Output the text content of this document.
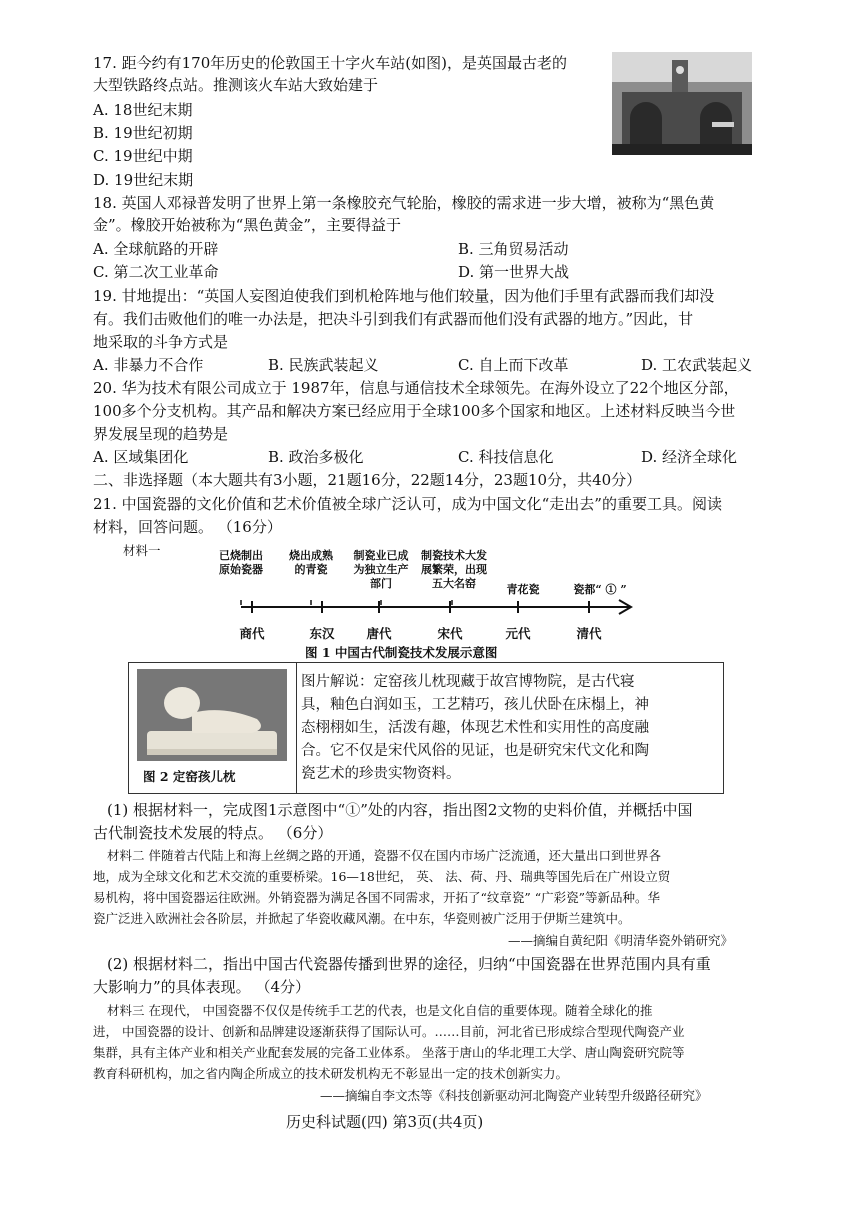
17. 距今约有170年历史的伦敦国王十字火车站(如图)，是英国最古老的
大型铁路终点站。推测该火车站大致始建于
A. 18世纪末期
B. 19世纪初期
C. 19世纪中期
D. 19世纪末期
18. 英国人邓禄普发明了世界上第一条橡胶充气轮胎，橡胶的需求进一步大增，被称为“黑色黄
金”。橡胶开始被称为“黑色黄金”，主要得益于
A. 全球航路的开辟	B. 三角贸易活动
C. 第二次工业革命	D. 第一世界大战
19. 甘地提出：“英国人妄图迫使我们到机枪阵地与他们较量，因为他们手里有武器而我们却没
有。我们击败他们的唯一办法是，把决斗引到我们有武器而他们没有武器的地方。”因此，甘
地采取的斗争方式是
A. 非暴力不合作	B. 民族武装起义	C. 自上而下改革	D. 工农武装起义
20. 华为技术有限公司成立于 1987年，信息与通信技术全球领先。在海外设立了22个地区分部，
100多个分支机构。其产品和解决方案已经应用于全球100多个国家和地区。上述材料反映当今世
界发展呈现的趋势是
A. 区域集团化	B. 政治多极化	C. 科技信息化	D. 经济全球化
二、非选择题（本大题共有3小题，21题16分，22题14分，23题10分，共40分）
21. 中国瓷器的文化价值和艺术价值被全球广泛认可，成为中国文化“走出去”的重要工具。阅读
材料，回答问题。 （16分）
材料一	已烧制出原始瓷器
烧出成熟的青瓷
制瓷业已成为独立生产部门
制瓷技术大发展繁荣，出现五大名窑	青花瓷	瓷都“ ① ”
商代	东汉	唐代	宋代	元代	清代
图 1 中国古代制瓷技术发展示意图
图 2 定窑孩儿枕
图片解说：定窑孩儿枕现藏于故宫博物院，是古代寝
具，釉色白润如玉，工艺精巧，孩儿伏卧在床榻上，神
态栩栩如生，活泼有趣，体现艺术性和实用性的高度融
合。它不仅是宋代风俗的见证，也是研究宋代文化和陶
瓷艺术的珍贵实物资料。
(1) 根据材料一，完成图1示意图中“①”处的内容，指出图2文物的史料价值，并概括中国
古代制瓷技术发展的特点。 （6分）
材料二 伴随着古代陆上和海上丝绸之路的开通，瓷器不仅在国内市场广泛流通，还大量出口到世界各
地，成为全球文化和艺术交流的重要桥梁。16—18世纪， 英、 法、荷、丹、瑞典等国先后在广州设立贸
易机构，将中国瓷器运往欧洲。外销瓷器为满足各国不同需求，开拓了“纹章瓷” “广彩瓷”等新品种。华
瓷广泛进入欧洲社会各阶层，并掀起了华瓷收藏风潮。在中东，华瓷则被广泛用于伊斯兰建筑中。
——摘编自黄纪阳《明清华瓷外销研究》
(2) 根据材料二，指出中国古代瓷器传播到世界的途径，归纳“中国瓷器在世界范围内具有重
大影响力”的具体表现。 （4分）
材料三 在现代， 中国瓷器不仅仅是传统手工艺的代表，也是文化自信的重要体现。随着全球化的推
进， 中国瓷器的设计、创新和品牌建设逐渐获得了国际认可。……目前，河北省已形成综合型现代陶瓷产业
集群，具有主体产业和相关产业配套发展的完备工业体系。 坐落于唐山的华北理工大学、唐山陶瓷研究院等
教育科研机构，加之省内陶企所成立的技术研发机构无不彰显出一定的技术创新实力。
——摘编自李文杰等《科技创新驱动河北陶瓷产业转型升级路径研究》
历史科试题(四) 第3页(共4页)
